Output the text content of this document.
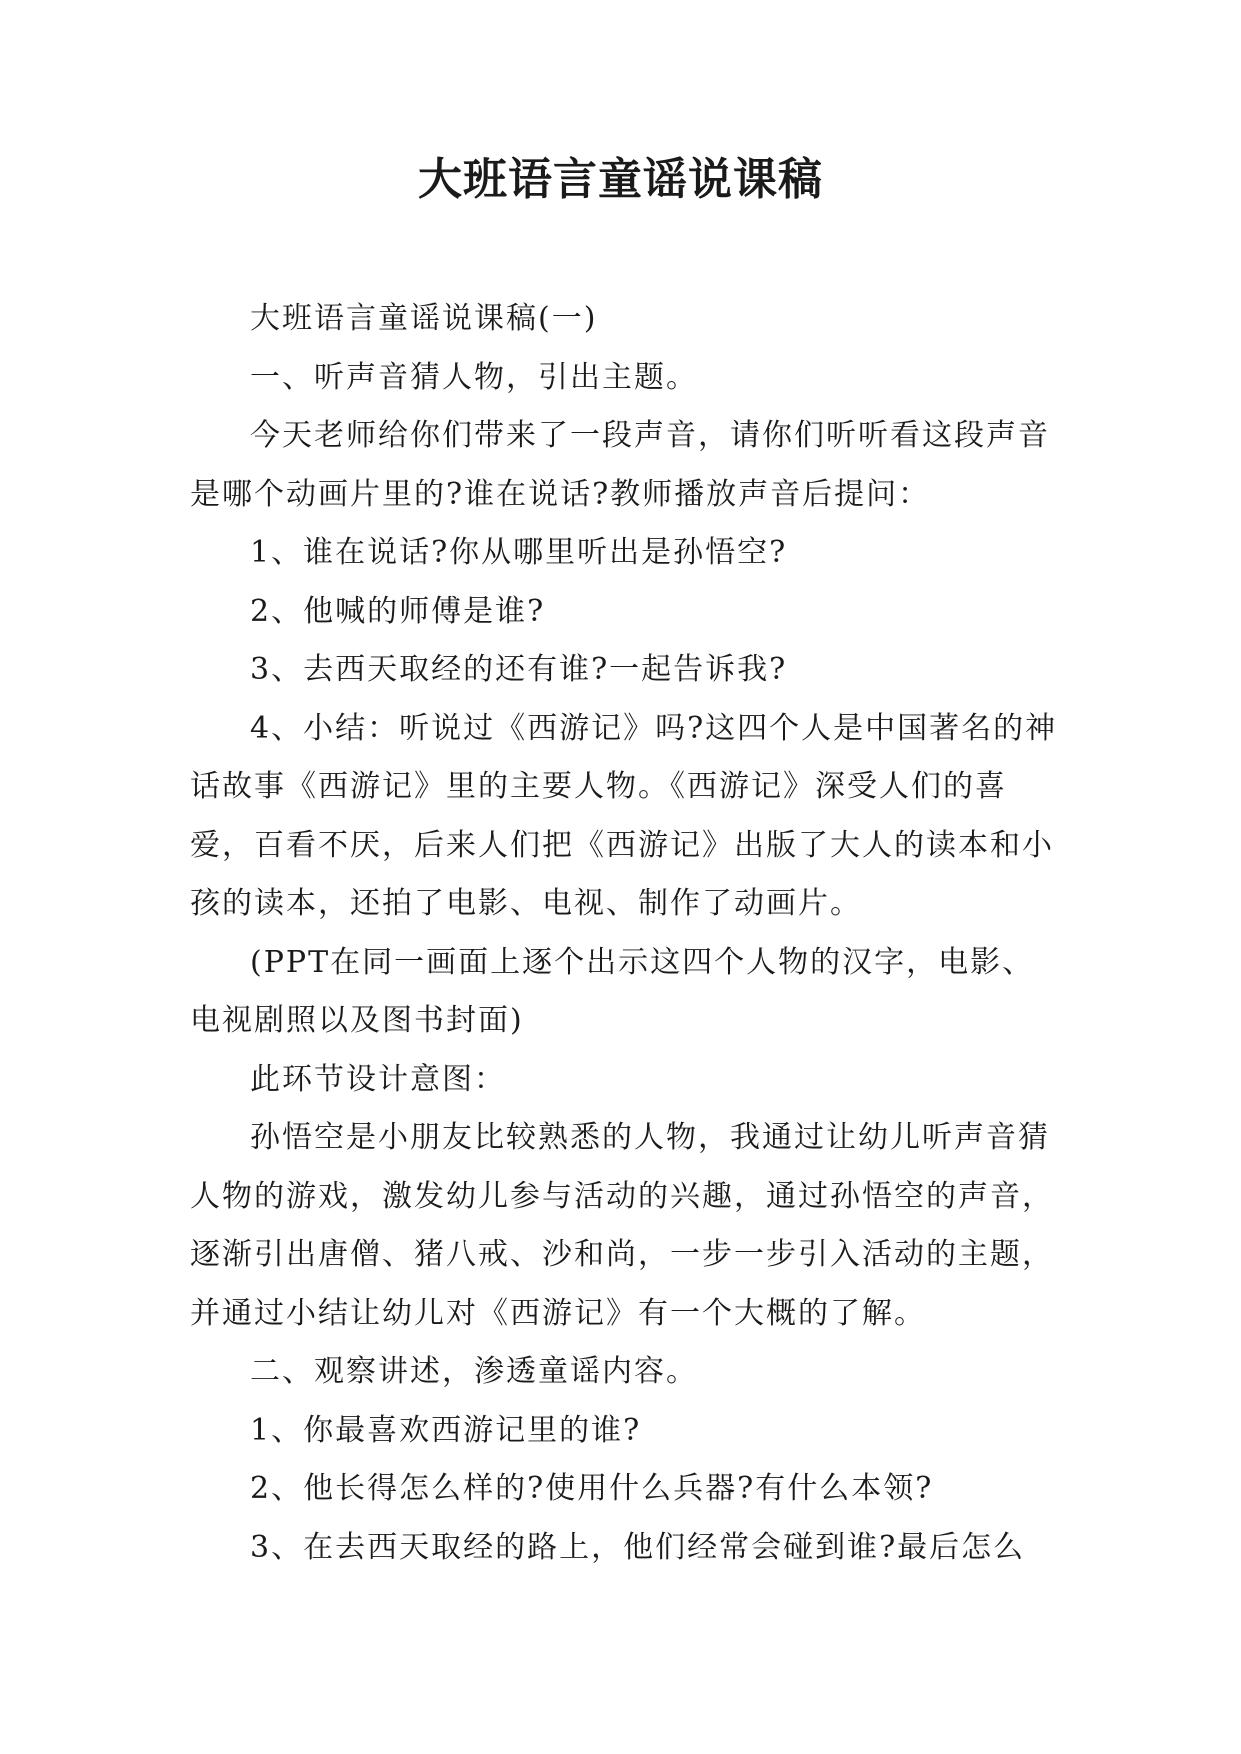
大班语言童谣说课稿

大班语言童谣说课稿(一)

一、听声音猜人物，引出主题。

今天老师给你们带来了一段声音，请你们听听看这段声音是哪个动画片里的?谁在说话?教师播放声音后提问：

1、谁在说话?你从哪里听出是孙悟空?

2、他喊的师傅是谁?

3、去西天取经的还有谁?一起告诉我?

4、小结：听说过《西游记》吗?这四个人是中国著名的神话故事《西游记》里的主要人物。《西游记》深受人们的喜爱，百看不厌，后来人们把《西游记》出版了大人的读本和小孩的读本，还拍了电影、电视、制作了动画片。

(PPT在同一画面上逐个出示这四个人物的汉字，电影、电视剧照以及图书封面)

此环节设计意图：

孙悟空是小朋友比较熟悉的人物，我通过让幼儿听声音猜人物的游戏，激发幼儿参与活动的兴趣，通过孙悟空的声音，逐渐引出唐僧、猪八戒、沙和尚，一步一步引入活动的主题，并通过小结让幼儿对《西游记》有一个大概的了解。

二、观察讲述，渗透童谣内容。

1、你最喜欢西游记里的谁?

2、他长得怎么样的?使用什么兵器?有什么本领?

3、在去西天取经的路上，他们经常会碰到谁?最后怎么
